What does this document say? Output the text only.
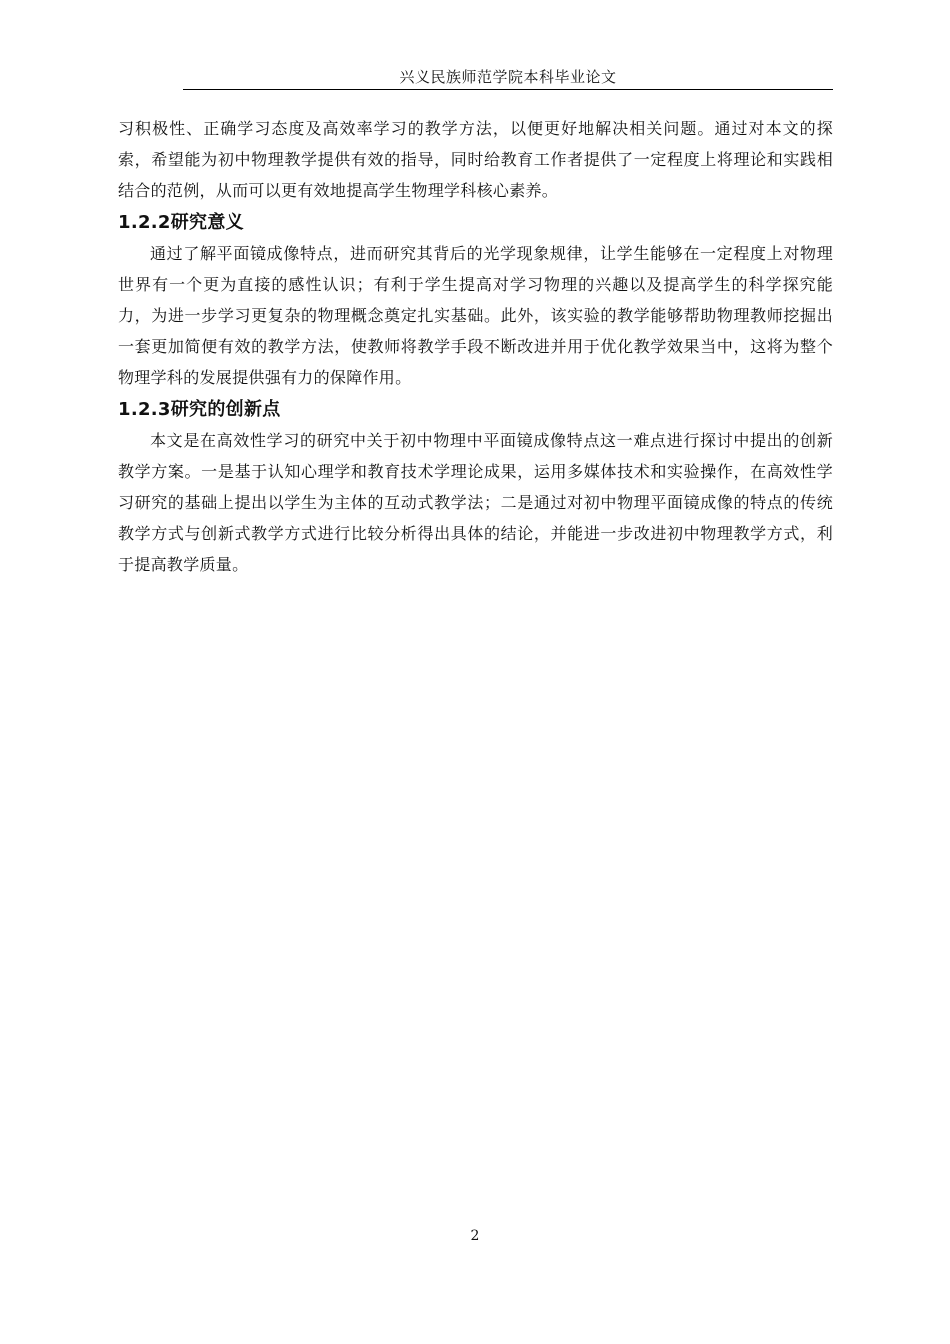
兴义民族师范学院本科毕业论文

习积极性、正确学习态度及高效率学习的教学方法，以便更好地解决相关问题。通过对本文的探索，希望能为初中物理教学提供有效的指导，同时给教育工作者提供了一定程度上将理论和实践相结合的范例，从而可以更有效地提高学生物理学科核心素养。

1.2.2研究意义

通过了解平面镜成像特点，进而研究其背后的光学现象规律，让学生能够在一定程度上对物理世界有一个更为直接的感性认识；有利于学生提高对学习物理的兴趣以及提高学生的科学探究能力，为进一步学习更复杂的物理概念奠定扎实基础。此外，该实验的教学能够帮助物理教师挖掘出一套更加简便有效的教学方法，使教师将教学手段不断改进并用于优化教学效果当中，这将为整个物理学科的发展提供强有力的保障作用。

1.2.3研究的创新点

本文是在高效性学习的研究中关于初中物理中平面镜成像特点这一难点进行探讨中提出的创新教学方案。一是基于认知心理学和教育技术学理论成果，运用多媒体技术和实验操作，在高效性学习研究的基础上提出以学生为主体的互动式教学法；二是通过对初中物理平面镜成像的特点的传统教学方式与创新式教学方式进行比较分析得出具体的结论，并能进一步改进初中物理教学方式，利于提高教学质量。

2
